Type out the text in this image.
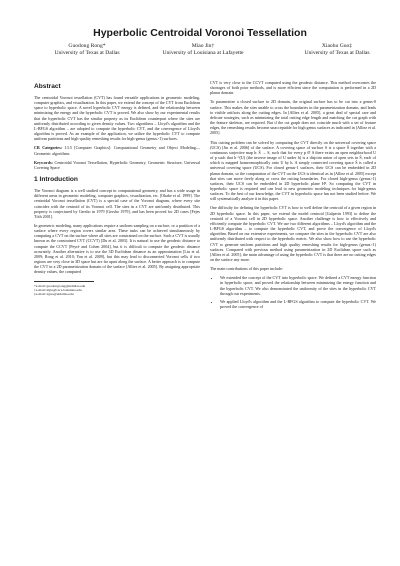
Hyperbolic Centroidal Voronoi Tessellation
Guodong Rong*
University of Texas at Dallas
Miao Jin†
University of Louisiana at Lafayette
Xiaohu Guo‡
University of Texas at Dallas
Abstract

The centroidal Voronoi tessellation (CVT) has found versatile applications in geometric modeling, computer graphics, and visualization. In this paper, we extend the concept of the CVT from Euclidean space to hyperbolic space. A novel hyperbolic CVT energy is defined, and the relationship between minimizing the energy and the hyperbolic CVT is proved. We also show by our experimental results that the hyperbolic CVT has the similar property as its Euclidean counterpart where the sites are uniformly distributed according to given density values. Two algorithms – Lloyd's algorithm and the L-BFGS algorithm – are adopted to compute the hyperbolic CVT, and the convergence of Lloyd's algorithm is proved. As an example of the application, we utilize the hyperbolic CVT to compute uniform partitions and high-quality remeshing results for high-genus (genus>1) surfaces.

CR Categories: I.3.5 [Computer Graphics]: Computational Geometry and Object Modeling—Geometric algorithms

Keywords: Centroidal Voronoi Tessellation, Hyperbolic Geometry, Geometric Structure, Universal Covering Space

1 Introduction

The Voronoi diagram is a well studied concept in computational geometry, and has a wide usage in different areas in geometric modeling, computer graphics, visualization, etc. [Okabe et al. 1999]. The centroidal Voronoi tessellation (CVT) is a special case of the Voronoi diagram, where every site coincides with the centroid of its Voronoi cell. The sites in a CVT are uniformly distributed. This property is conjectured by Gersho in 1979 [Gersho 1979], and has been proved for 2D cases [Fejes Tóth 2001].

In geometric modeling, many applications require a uniform sampling on a surface, or a partition of a surface where every region covers similar area. These tasks can be achieved simultaneously by computing a CVT on the surface where all sites are constrained on the surface. Such a CVT is usually known as the constrained CVT (CCVT) [Du et al. 2003]. It is natural to use the geodesic distance to compute the CCVT [Peyré and Cohen 2004], but it is difficult to compute the geodesic distance accurately. Another alternative is to use the 3D Euclidean distance as an approximation [Liu et al. 2009; Rong et al. 2010; Yan et al. 2009], but this may lead to disconnected Voronoi cells if two regions are very close in 3D space but are far apart along the surface. A better approach is to compute the CVT in a 2D parametrization domain of the surface [Alliez et al. 2005]. By assigning appropriate density values, the computed

*e-mail: guodongrong@utdallas.edu

†e-mail: mjin@cacs.louisiana.edu

‡e-mail: xguo@utdallas.edu

CVT is very close to the CCVT computed using the geodesic distance. This method overcomes the shortages of both prior methods, and is more efficient since the computation is performed in a 2D planar domain.

To parametrize a closed surface to 2D domain, the original surface has to be cut into a genus-0 surface. This makes the sites unable to cross the boundaries in the parametrization domain, and leads to visible artifacts along the cutting edges. In [Alliez et al. 2005], a great deal of special care and delicate strategies, such as minimizing the total cutting edge length and matching the cut graph with the feature skeleton, are required. But if the cut graph does not coincide much with a set of feature edges, the remeshing results become unacceptable for high genus surfaces as indicated in [Alliez et al. 2005].

This cutting problem can be solved by computing the CVT directly on the universal covering space (UCS) [Jin et al. 2006] of the surface. A covering space of surface S is a space S̃ together with a continuous surjective map h: S̃ → S, such that for every p ∈ S there exists an open neighborhood U of p such that h⁻¹(U) (the inverse image of U under h) is a disjoint union of open sets in S̃, each of which is mapped homeomorphically onto U by h. A simply connected covering space S̃ is called a universal covering space (UCS). For closed genus-1 surfaces, their UCS can be embedded in 2D planar domain, so the computation of the CVT on the UCS is identical as in [Alliez et al. 2005] except that sites can move freely along or cross the cutting boundaries. For closed high-genus (genus>1) surfaces, their UCS can be embedded in 2D hyperbolic plane H². So computing the CVT in hyperbolic space is required and can lead to new geometric modeling techniques for high-genus surfaces. To the best of our knowledge, the CVT in hyperbolic space has not been studied before. We will systematically analyze it in this paper.

One difficulty for defining the hyperbolic CVT is how to well define the centroid of a given region in 2D hyperbolic space. In this paper, we extend the model centroid [Galperin 1993] to define the centroid of a Voronoi cell in 2D hyperbolic space. Another challenge is how to effectively and efficiently compute the hyperbolic CVT. We use two different algorithms – Lloyd's algorithm and the L-BFGS algorithm – to compute the hyperbolic CVT, and prove the convergence of Lloyd's algorithm. Based on our extensive experiments, we compare the sites in the hyperbolic CVT are also uniformly distributed with respect to the hyperbolic metric. We also show how to use the hyperbolic CVT to generate uniform partitions and high quality remeshing results for high-genus (genus>1) surfaces. Compared with previous method using parametrization in 2D Euclidean space such as [Alliez et al. 2005], the main advantage of using the hyperbolic CVT is that there are no cutting edges on the surface any more.

The main contributions of this paper include:

• We extended the concept of the CVT into hyperbolic space. We defined a CVT energy function in hyperbolic space, and proved the relationship between minimizing the energy function and the hyperbolic CVT. We also demonstrated the uniformity of the sites in the hyperbolic CVT through our experiments.
• We applied Lloyd's algorithm and the L-BFGS algorithm to compute the hyperbolic CVT. We proved the convergence of
